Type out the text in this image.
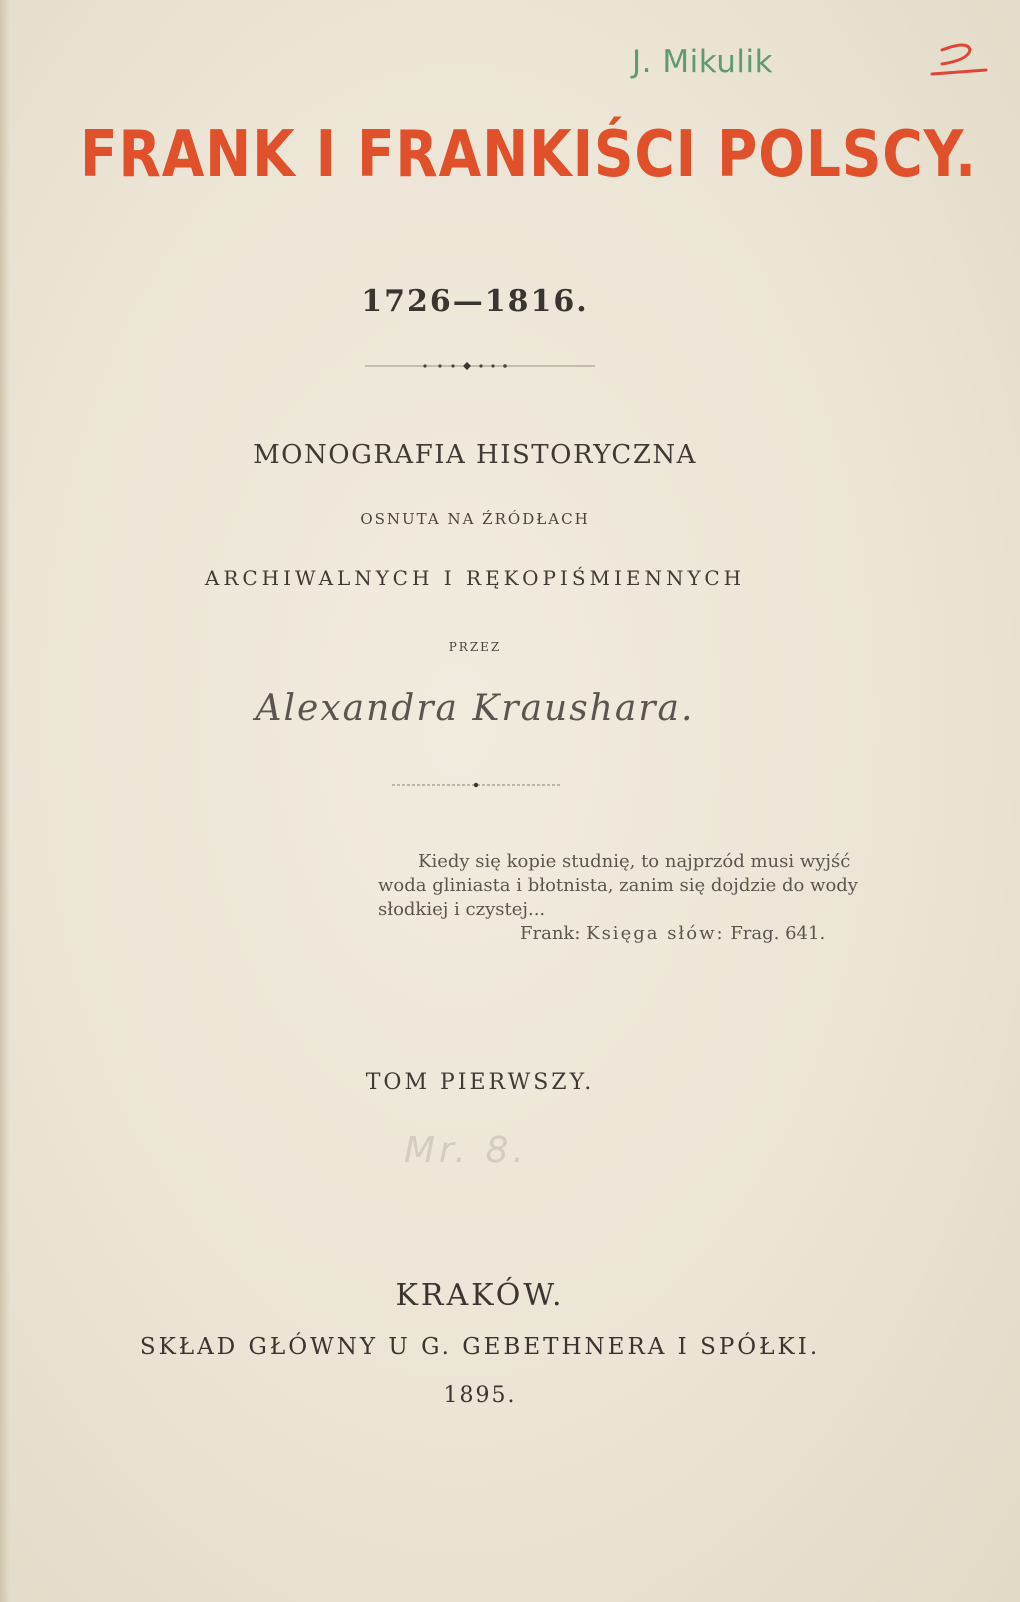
J. Mikulik
FRANK I FRANKIŚCI POLSCY.
1726—1816.
MONOGRAFIA HISTORYCZNA
OSNUTA NA ŹRÓDŁACH
ARCHIWALNYCH I RĘKOPIŚMIENNYCH
PRZEZ
Alexandra Kraushara.
Kiedy się kopie studnię, to najprzód musi wyjść
woda gliniasta i błotnista, zanim się dojdzie do wody
słodkiej i czystej...
Frank: Księga słów: Frag. 641.
TOM PIERWSZY.
Mr. 8.
KRAKÓW.
SKŁAD GŁÓWNY U G. GEBETHNERA I SPÓŁKI.
1895.
